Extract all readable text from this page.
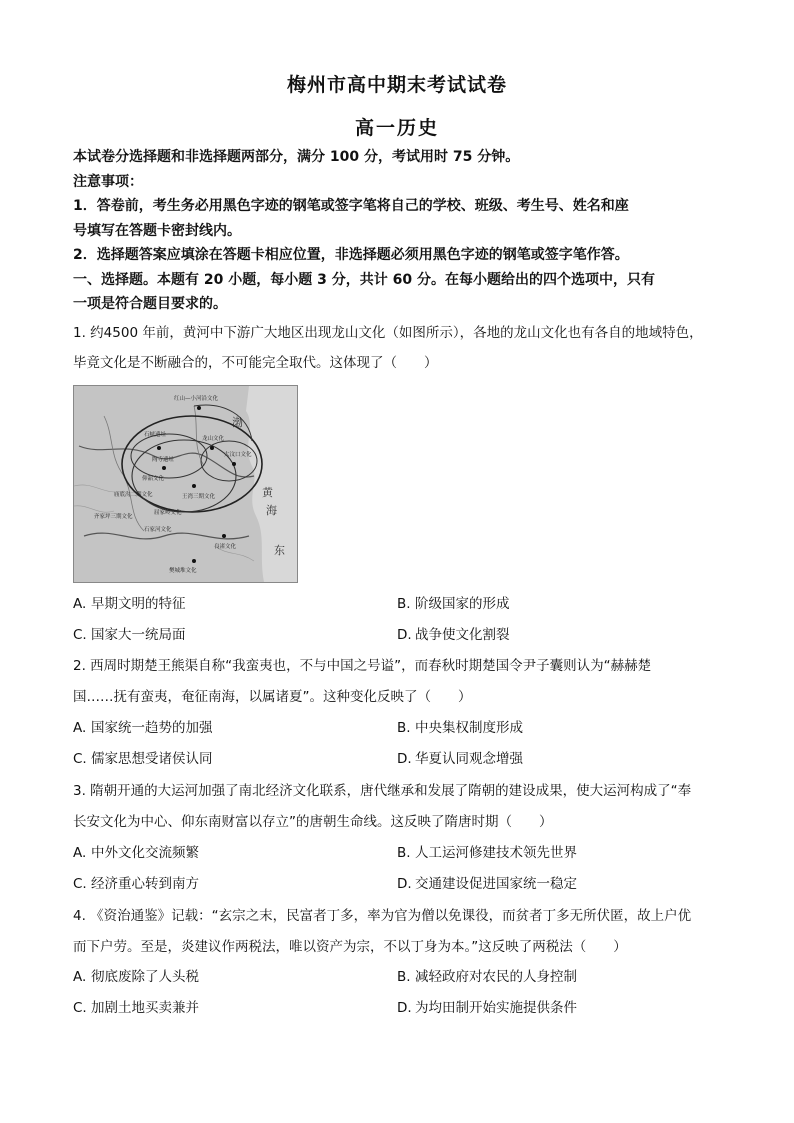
梅州市高中期末考试试卷
高一历史
本试卷分选择题和非选择题两部分，满分 100 分，考试用时 75 分钟。
注意事项：
1．答卷前，考生务必用黑色字迹的钢笔或签字笔将自己的学校、班级、考生号、姓名和座
号填写在答题卡密封线内。
2．选择题答案应填涂在答题卡相应位置，非选择题必须用黑色字迹的钢笔或签字笔作答。
一、选择题。本题有 20 小题，每小题 3 分，共计 60 分。在每小题给出的四个选项中，只有
一项是符合题目要求的。
1. 约4500 年前，黄河中下游广大地区出现龙山文化（如图所示），各地的龙山文化也有各自的地域特色，
毕竟文化是不断融合的，不可能完全取代。这体现了（　　）
红山—小河沿文化
石峡遗址
陶寺遗址
仰韶文化
大汶口文化
龙山文化
庙底沟二期文化	王湾三期文化
屈家岭文化
良渚文化
齐家坪三期文化
石家河文化
樊城堆文化
渤
黄
海
东
A. 早期文明的特征	B. 阶级国家的形成
C. 国家大一统局面	D. 战争使文化割裂
2. 西周时期楚王熊渠自称“我蛮夷也，不与中国之号谥”，而春秋时期楚国令尹子囊则认为“赫赫楚
国……抚有蛮夷，奄征南海，以属诸夏”。这种变化反映了（　　）
A. 国家统一趋势的加强	B. 中央集权制度形成
C. 儒家思想受诸侯认同	D. 华夏认同观念增强
3. 隋朝开通的大运河加强了南北经济文化联系，唐代继承和发展了隋朝的建设成果，使大运河构成了“奉
长安文化为中心、仰东南财富以存立”的唐朝生命线。这反映了隋唐时期（　　）
A. 中外文化交流频繁	B. 人工运河修建技术领先世界
C. 经济重心转到南方	D. 交通建设促进国家统一稳定
4. 《资治通鉴》记载：“玄宗之末，民富者丁多，率为官为僧以免课役，而贫者丁多无所伏匿，故上户优
而下户劳。至是，炎建议作两税法，唯以资产为宗，不以丁身为本。”这反映了两税法（　　）
A. 彻底废除了人头税	B. 减轻政府对农民的人身控制
C. 加剧土地买卖兼并	D. 为均田制开始实施提供条件
